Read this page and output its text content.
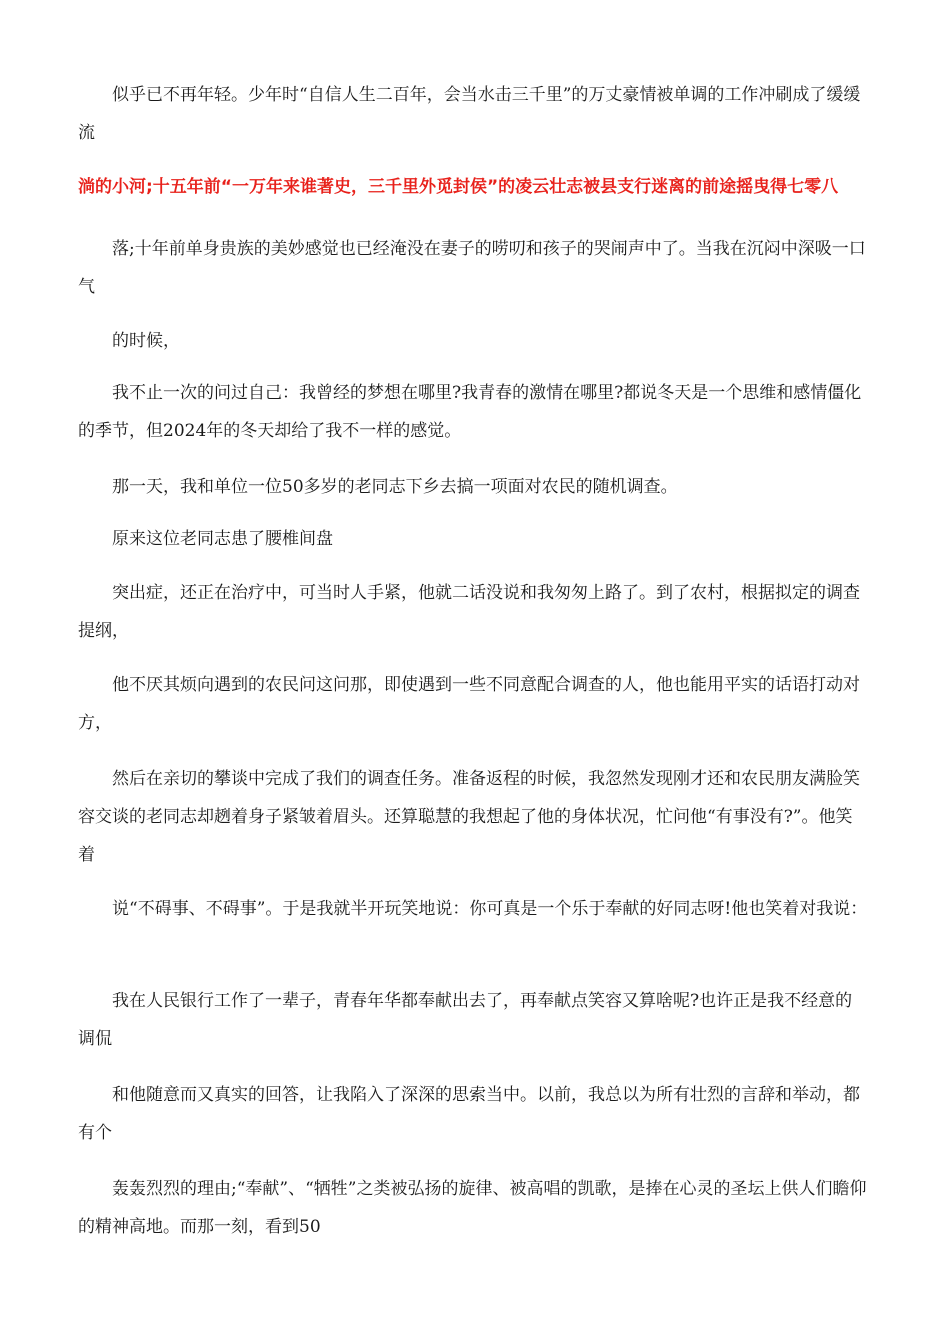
似乎已不再年轻。少年时“自信人生二百年，会当水击三千里”的万丈豪情被单调的工作冲刷成了缓缓流

淌的小河;十五年前“一万年来谁著史，三千里外觅封侯”的凌云壮志被县支行迷离的前途摇曳得七零八

落;十年前单身贵族的美妙感觉也已经淹没在妻子的唠叨和孩子的哭闹声中了。当我在沉闷中深吸一口气

的时候，

我不止一次的问过自己：我曾经的梦想在哪里?我青春的激情在哪里?都说冬天是一个思维和感情僵化的季节，但2024年的冬天却给了我不一样的感觉。

那一天，我和单位一位50多岁的老同志下乡去搞一项面对农民的随机调查。

原来这位老同志患了腰椎间盘

突出症，还正在治疗中，可当时人手紧，他就二话没说和我匆匆上路了。到了农村，根据拟定的调查提纲，

他不厌其烦向遇到的农民问这问那，即使遇到一些不同意配合调查的人，他也能用平实的话语打动对方，

然后在亲切的攀谈中完成了我们的调查任务。准备返程的时候，我忽然发现刚才还和农民朋友满脸笑容交谈的老同志却趔着身子紧皱着眉头。还算聪慧的我想起了他的身体状况，忙问他“有事没有?”。他笑着

说“不碍事、不碍事”。于是我就半开玩笑地说：你可真是一个乐于奉献的好同志呀!他也笑着对我说：

我在人民银行工作了一辈子，青春年华都奉献出去了，再奉献点笑容又算啥呢?也许正是我不经意的调侃

和他随意而又真实的回答，让我陷入了深深的思索当中。以前，我总以为所有壮烈的言辞和举动，都有个

轰轰烈烈的理由;“奉献”、“牺牲”之类被弘扬的旋律、被高唱的凯歌，是捧在心灵的圣坛上供人们瞻仰的精神高地。而那一刻，看到50
